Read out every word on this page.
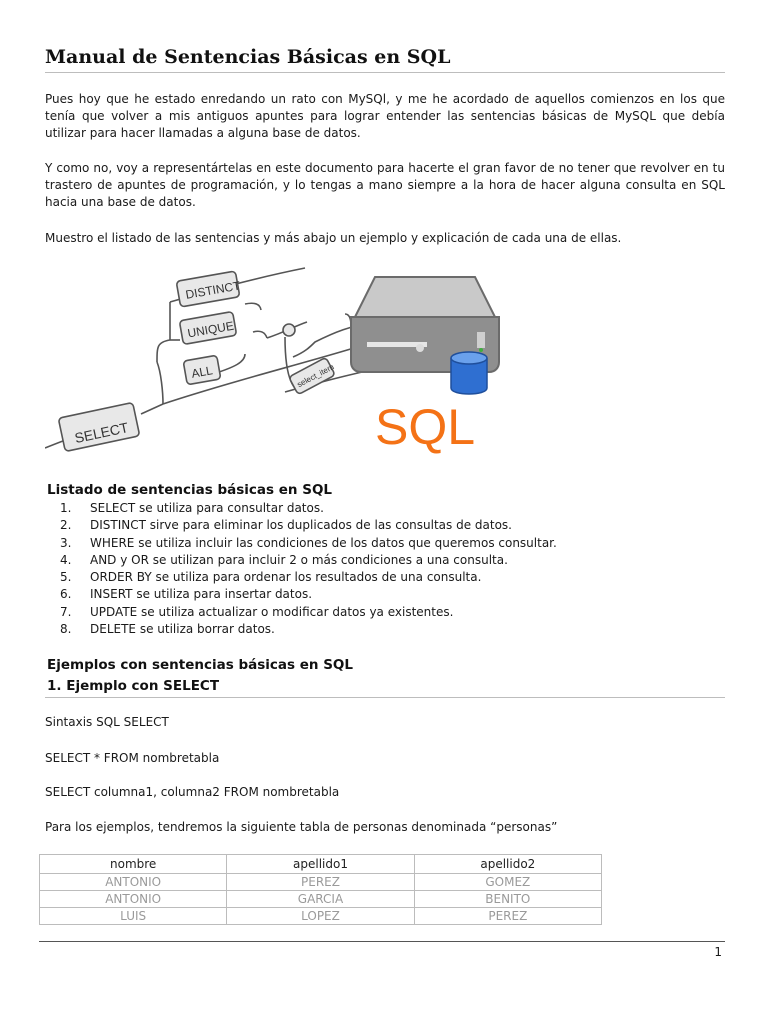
Manual de Sentencias Básicas en SQL

Pues hoy que he estado enredando un rato con MySQl, y me he acordado de aquellos comienzos en los que tenía que volver a mis antiguos apuntes para lograr entender las sentencias básicas de MySQL que debía utilizar para hacer llamadas a alguna base de datos.

Y como no, voy a representártelas en este documento para hacerte el gran favor de no tener que revolver en tu trastero de apuntes de programación, y lo tengas a mano siempre a la hora de hacer alguna consulta en SQL hacia una base de datos.

Muestro el listado de las sentencias y más abajo un ejemplo y explicación de cada una de ellas.

SELECT
DISTINCT
UNIQUE
ALL	select_item
SQL
Listado de sentencias básicas en SQL
1. SELECT se utiliza para consultar datos.
2. DISTINCT sirve para eliminar los duplicados de las consultas de datos.
3. WHERE se utiliza incluir las condiciones de los datos que queremos consultar.
4. AND y OR se utilizan para incluir 2 o más condiciones a una consulta.
5. ORDER BY se utiliza para ordenar los resultados de una consulta.
6. INSERT se utiliza para insertar datos.
7. UPDATE se utiliza actualizar o modificar datos ya existentes.
8. DELETE se utiliza borrar datos.
Ejemplos con sentencias básicas en SQL
1. Ejemplo con SELECT

Sintaxis SQL SELECT

SELECT * FROM nombretabla

SELECT columna1, columna2 FROM nombretabla

Para los ejemplos, tendremos la siguiente tabla de personas denominada “personas”

nombre	apellido1	apellido2
ANTONIO	PEREZ	GOMEZ
ANTONIO	GARCIA	BENITO
LUIS	LOPEZ	PEREZ
1
